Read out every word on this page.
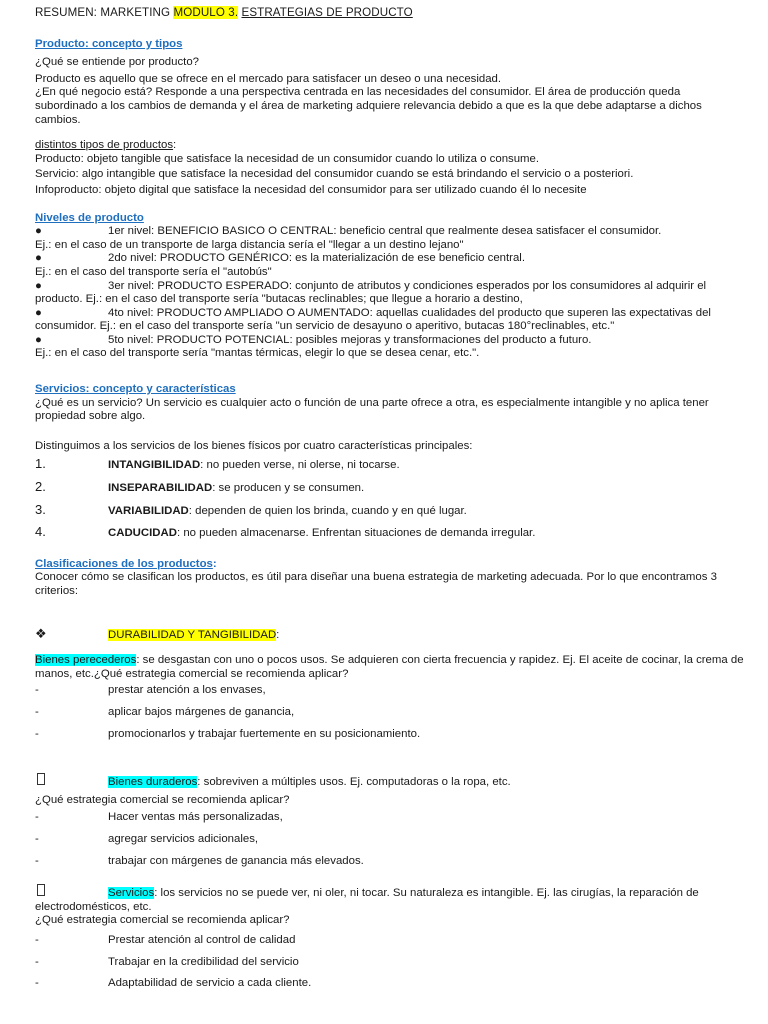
RESUMEN: MARKETING MODULO 3. ESTRATEGIAS DE PRODUCTO

Producto: concepto y tipos

¿Qué se entiende por producto?

Producto es aquello que se ofrece en el mercado para satisfacer un deseo o una necesidad.

¿En qué negocio está? Responde a una perspectiva centrada en las necesidades del consumidor. El área de producción queda subordinado a los cambios de demanda y el área de marketing adquiere relevancia debido a que es la que debe adaptarse a dichos cambios.

distintos tipos de productos:

Producto: objeto tangible que satisface la necesidad de un consumidor cuando lo utiliza o consume.

Servicio: algo intangible que satisface la necesidad del consumidor cuando se está brindando el servicio o a posteriori.

Infoproducto: objeto digital que satisface la necesidad del consumidor para ser utilizado cuando él lo necesite

Niveles de producto

●	1er nivel: BENEFICIO BASICO O CENTRAL: beneficio central que realmente desea satisfacer el consumidor.

Ej.: en el caso de un transporte de larga distancia sería el "llegar a un destino lejano"

●	2do nivel: PRODUCTO GENÉRICO: es la materialización de ese beneficio central.

Ej.: en el caso del transporte sería el "autobús"

●	3er nivel: PRODUCTO ESPERADO: conjunto de atributos y condiciones esperados por los consumidores al adquirir el producto. Ej.: en el caso del transporte sería "butacas reclinables; que llegue a horario a destino,

●	4to nivel: PRODUCTO AMPLIADO O AUMENTADO: aquellas cualidades del producto que superen las expectativas del consumidor. Ej.: en el caso del transporte sería "un servicio de desayuno o aperitivo, butacas 180°reclinables, etc."

●	5to nivel: PRODUCTO POTENCIAL: posibles mejoras y transformaciones del producto a futuro.

Ej.: en el caso del transporte sería "mantas térmicas, elegir lo que se desea cenar, etc.".

Servicios: concepto y características

¿Qué es un servicio? Un servicio es cualquier acto o función de una parte ofrece a otra, es especialmente intangible y no aplica tener propiedad sobre algo.

Distinguimos a los servicios de los bienes físicos por cuatro características principales:

1.	INTANGIBILIDAD: no pueden verse, ni olerse, ni tocarse.
2.	INSEPARABILIDAD: se producen y se consumen.
3.	VARIABILIDAD: dependen de quien los brinda, cuando y en qué lugar.
4.	CADUCIDAD: no pueden almacenarse. Enfrentan situaciones de demanda irregular.

Clasificaciones de los productos:

Conocer cómo se clasifican los productos, es útil para diseñar una buena estrategia de marketing adecuada. Por lo que encontramos 3 criterios:

❖	DURABILIDAD Y TANGIBILIDAD:

Bienes perecederos: se desgastan con uno o pocos usos. Se adquieren con cierta frecuencia y rapidez. Ej. El aceite de cocinar, la crema de manos, etc.¿Qué estrategia comercial se recomienda aplicar?

-	prestar atención a los envases,
-	aplicar bajos márgenes de ganancia,
-	promocionarlos y trabajar fuertemente en su posicionamiento.
Bienes duraderos: sobreviven a múltiples usos. Ej. computadoras o la ropa, etc.

¿Qué estrategia comercial se recomienda aplicar?

-	Hacer ventas más personalizadas,
-	agregar servicios adicionales,
-	trabajar con márgenes de ganancia más elevados.

Servicios: los servicios no se puede ver, ni oler, ni tocar. Su naturaleza es intangible. Ej. las cirugías, la reparación de electrodomésticos, etc.

¿Qué estrategia comercial se recomienda aplicar?

-	Prestar atención al control de calidad
-	Trabajar en la credibilidad del servicio
-	Adaptabilidad de servicio a cada cliente.
